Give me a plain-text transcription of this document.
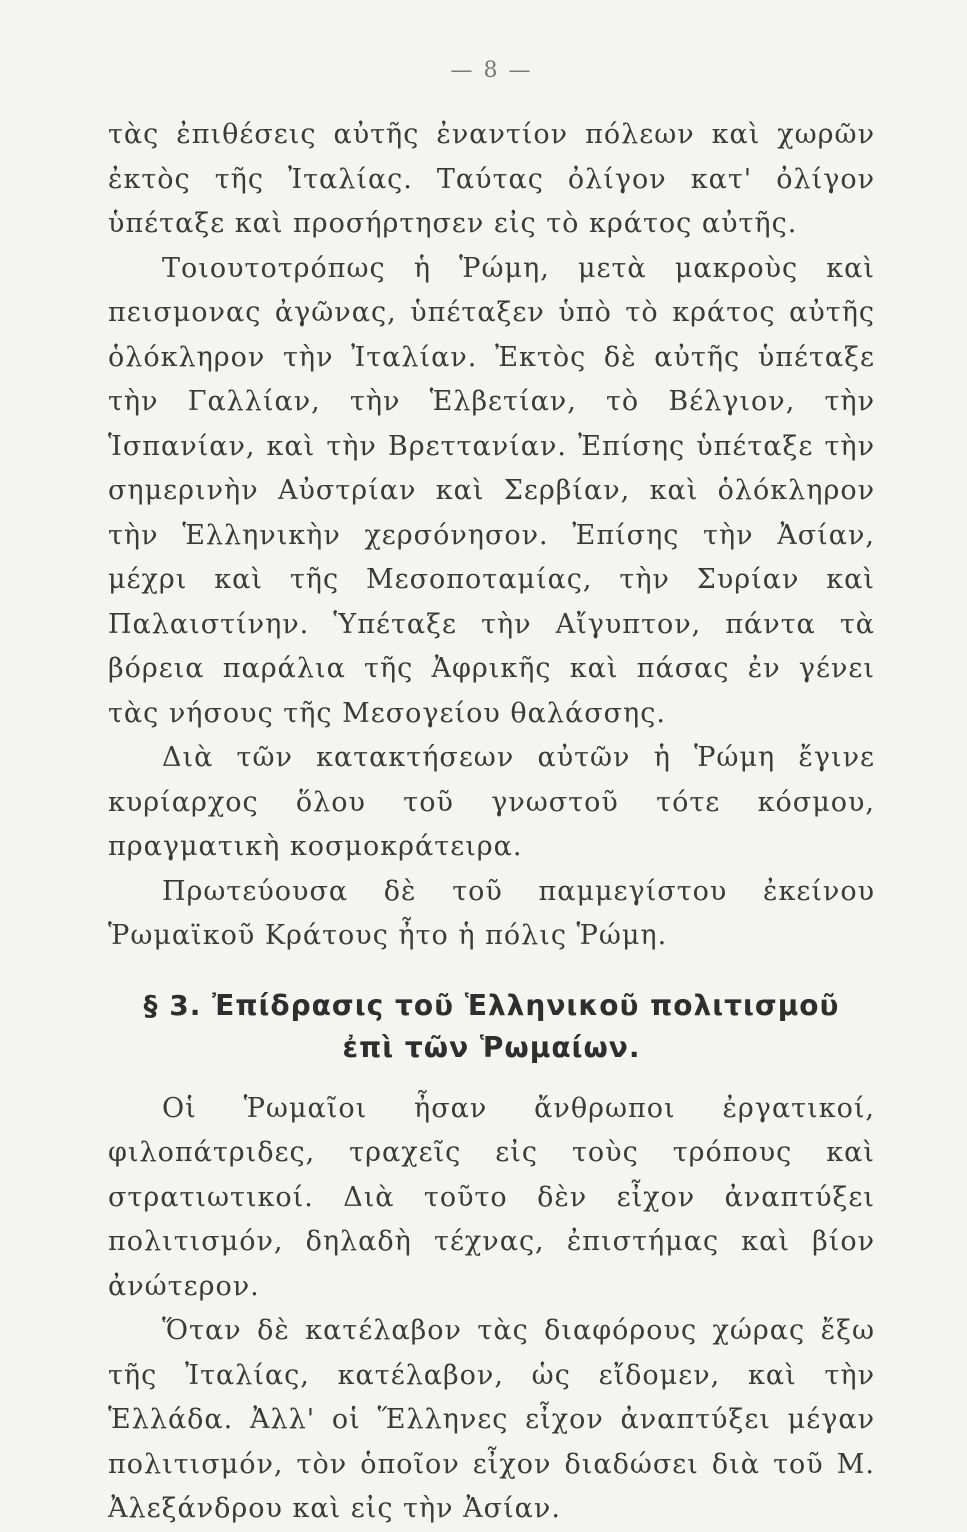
— 8 —

τὰς ἐπιθέσεις αὐτῆς ἐναντίον πόλεων καὶ χωρῶν ἐκτὸς τῆς Ἰταλίας. Ταύτας ὀλίγον κατ' ὀλίγον ὑπέταξε καὶ προσήρτησεν εἰς τὸ κράτος αὐτῆς.

Τοιουτοτρόπως ἡ Ῥώμη, μετὰ μακροὺς καὶ πεισμονας ἀγῶνας, ὑπέταξεν ὑπὸ τὸ κράτος αὐτῆς ὁλόκληρον τὴν Ἰταλίαν. Ἐκτὸς δὲ αὐτῆς ὑπέταξε τὴν Γαλλίαν, τὴν Ἑλβετίαν, τὸ Βέλγιον, τὴν Ἱσπανίαν, καὶ τὴν Βρεττανίαν. Ἐπίσης ὑπέταξε τὴν σημερινὴν Αὐστρίαν καὶ Σερβίαν, καὶ ὁλόκληρον τὴν Ἑλληνικὴν χερσόνησον. Ἐπίσης τὴν Ἀσίαν, μέχρι καὶ τῆς Μεσοποταμίας, τὴν Συρίαν καὶ Παλαιστίνην. Ὑπέταξε τὴν Αἴγυπτον, πάντα τὰ βόρεια παράλια τῆς Ἀφρικῆς καὶ πάσας ἐν γένει τὰς νήσους τῆς Μεσογείου θαλάσσης.

Διὰ τῶν κατακτήσεων αὐτῶν ἡ Ῥώμη ἔγινε κυρίαρχος ὅλου τοῦ γνωστοῦ τότε κόσμου, πραγματικὴ κοσμοκράτειρα.

Πρωτεύουσα δὲ τοῦ παμμεγίστου ἐκείνου Ῥωμαϊκοῦ Κράτους ἦτο ἡ πόλις Ῥώμη.

§ 3. Ἐπίδρασις τοῦ Ἑλληνικοῦ πολιτισμοῦ
ἐπὶ τῶν Ῥωμαίων.

Οἱ Ῥωμαῖοι ἦσαν ἄνθρωποι ἐργατικοί, φιλοπάτριδες, τραχεῖς εἰς τοὺς τρόπους καὶ στρατιωτικοί. Διὰ τοῦτο δὲν εἶχον ἀναπτύξει πολιτισμόν, δηλαδὴ τέχνας, ἐπιστήμας καὶ βίον ἀνώτερον.

Ὅταν δὲ κατέλαβον τὰς διαφόρους χώρας ἔξω τῆς Ἰταλίας, κατέλαβον, ὡς εἴδομεν, καὶ τὴν Ἑλλάδα. Ἀλλ' οἱ Ἕλληνες εἶχον ἀναπτύξει μέγαν πολιτισμόν, τὸν ὁποῖον εἶχον διαδώσει διὰ τοῦ Μ. Ἀλεξάνδρου καὶ εἰς τὴν Ἀσίαν.
